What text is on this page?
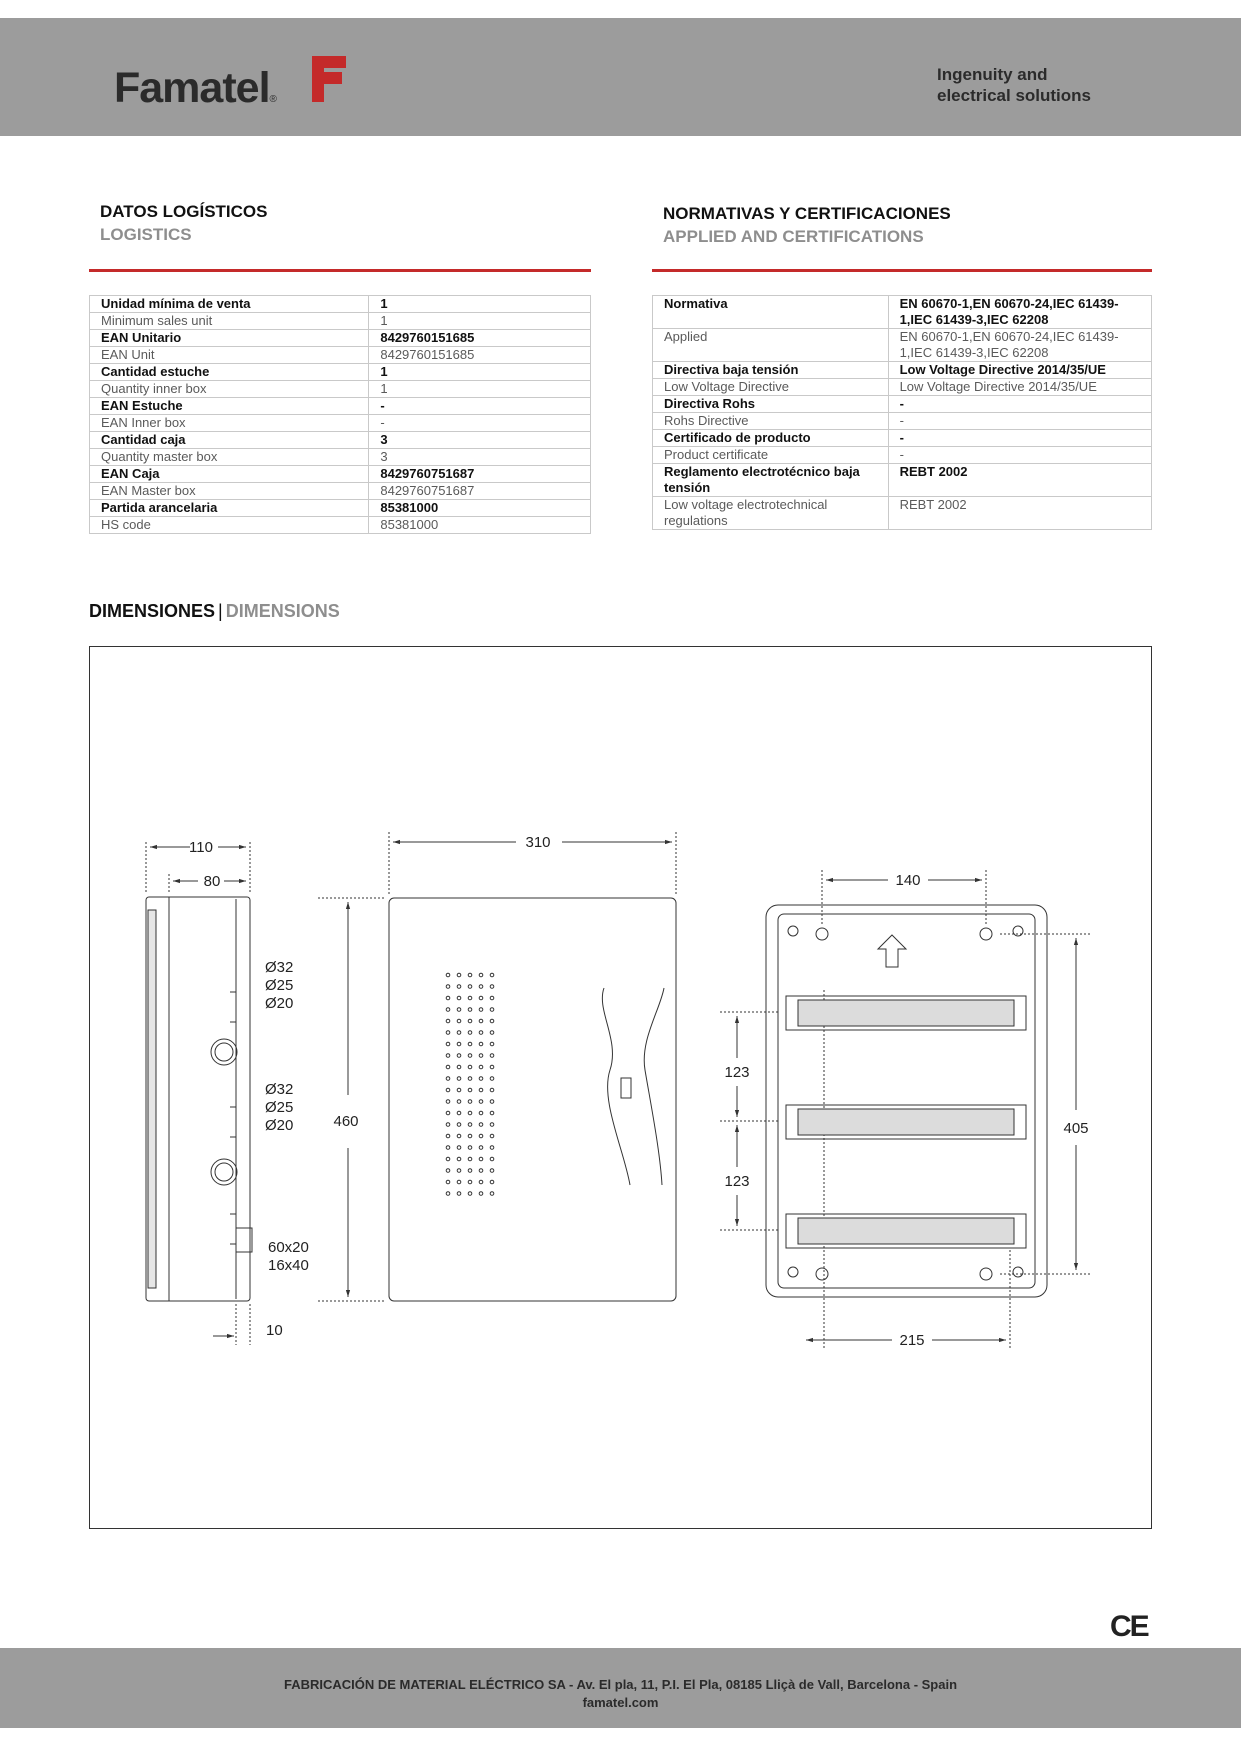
Famatel®
Ingenuity and
electrical solutions
DATOS LOGÍSTICOS
LOGISTICS
Unidad mínima de venta	1
Minimum sales unit	1
EAN Unitario	8429760151685
EAN Unit	8429760151685
Cantidad estuche	1
Quantity inner box	1
EAN Estuche	-
EAN Inner box	-
Cantidad caja	3
Quantity master box	3
EAN Caja	8429760751687
EAN Master box	8429760751687
Partida arancelaria	85381000
HS code	85381000
NORMATIVAS Y CERTIFICACIONES
APPLIED AND CERTIFICATIONS
Normativa	EN 60670-1,EN 60670-24,IEC 61439-1,IEC 61439-3,IEC 62208
Applied	EN 60670-1,EN 60670-24,IEC 61439-1,IEC 61439-3,IEC 62208
Directiva baja tensión	Low Voltage Directive 2014/35/UE
Low Voltage Directive	Low Voltage Directive 2014/35/UE
Directiva Rohs	-
Rohs Directive	-
Certificado de producto	-
Product certificate	-
Reglamento electrotécnico baja tensión	REBT 2002
Low voltage electrotechnical regulations	REBT 2002
DIMENSIONES | DIMENSIONS
110
80
Ø32
Ø25
Ø20
Ø32
Ø25
Ø20
60x20
16x40
10
310
460
140
123
123
405
215
CE
FABRICACIÓN DE MATERIAL ELÉCTRICO SA - Av. El pla, 11, P.I. El Pla, 08185 Lliçà de Vall, Barcelona - Spain
famatel.com
